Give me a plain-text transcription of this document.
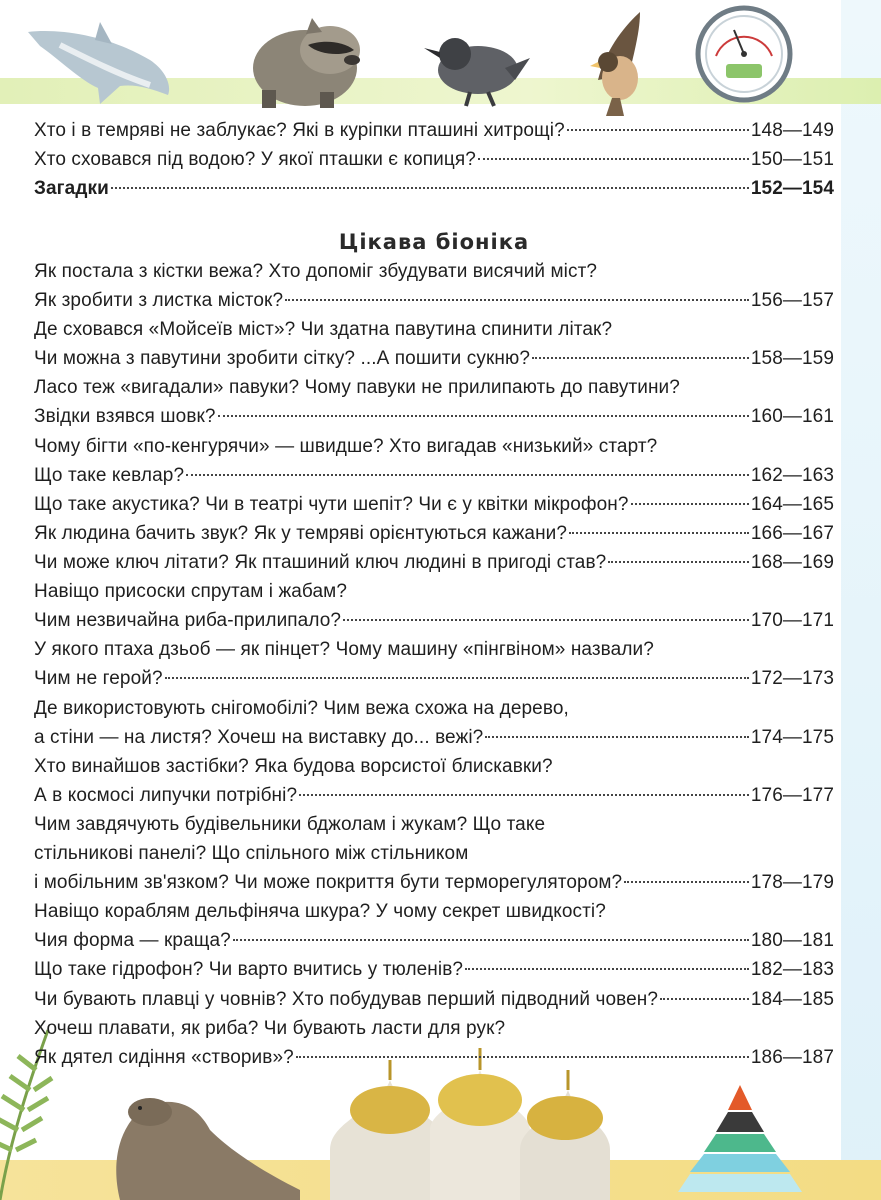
Цікава біоніка
Хто і в темряві не заблукає? Які в куріпки пташині хитрощі?	148—149
Хто сховався під водою? У якої пташки є копиця?	150—151
Загадки	152—154
Як постала з кістки вежа? Хто допоміг збудувати висячий міст?
Як зробити з листка місток?	156—157
Де сховався «Мойсеїв міст»? Чи здатна павутина спинити літак?
Чи можна з павутини зробити сітку? ...А пошити сукню?	158—159
Ласо теж «вигадали» павуки? Чому павуки не прилипають до павутини?
Звідки взявся шовк?	160—161
Чому бігти «по-кенгурячи» — швидше? Хто вигадав «низький» старт?
Що таке кевлар?	162—163
Що таке акустика? Чи в театрі чути шепіт? Чи є у квітки мікрофон?	164—165
Як людина бачить звук? Як у темряві орієнтуються кажани?	166—167
Чи може ключ літати? Як пташиний ключ людині в пригоді став?	168—169
Навіщо присоски спрутам і жабам?
Чим незвичайна риба-прилипало?	170—171
У якого птаха дзьоб — як пінцет? Чому машину «пінгвіном» назвали?
Чим не герой?	172—173
Де використовують снігомобілі? Чим вежа схожа на дерево,
а стіни — на листя? Хочеш на виставку до... вежі?	174—175
Хто винайшов застібки? Яка будова ворсистої блискавки?
А в космосі липучки потрібні?	176—177
Чим завдячують будівельники бджолам і жукам? Що таке
стільникові панелі? Що спільного між стільником
і мобільним зв'язком? Чи може покриття бути терморегулятором?	178—179
Навіщо кораблям дельфіняча шкура? У чому секрет швидкості?
Чия форма — краща?	180—181
Що таке гідрофон? Чи варто вчитись у тюленів?	182—183
Чи бувають плавці у човнів? Хто побудував перший підводний човен?	184—185
Хочеш плавати, як риба? Чи бувають ласти для рук?
Як дятел сидіння «створив»?	186—187
